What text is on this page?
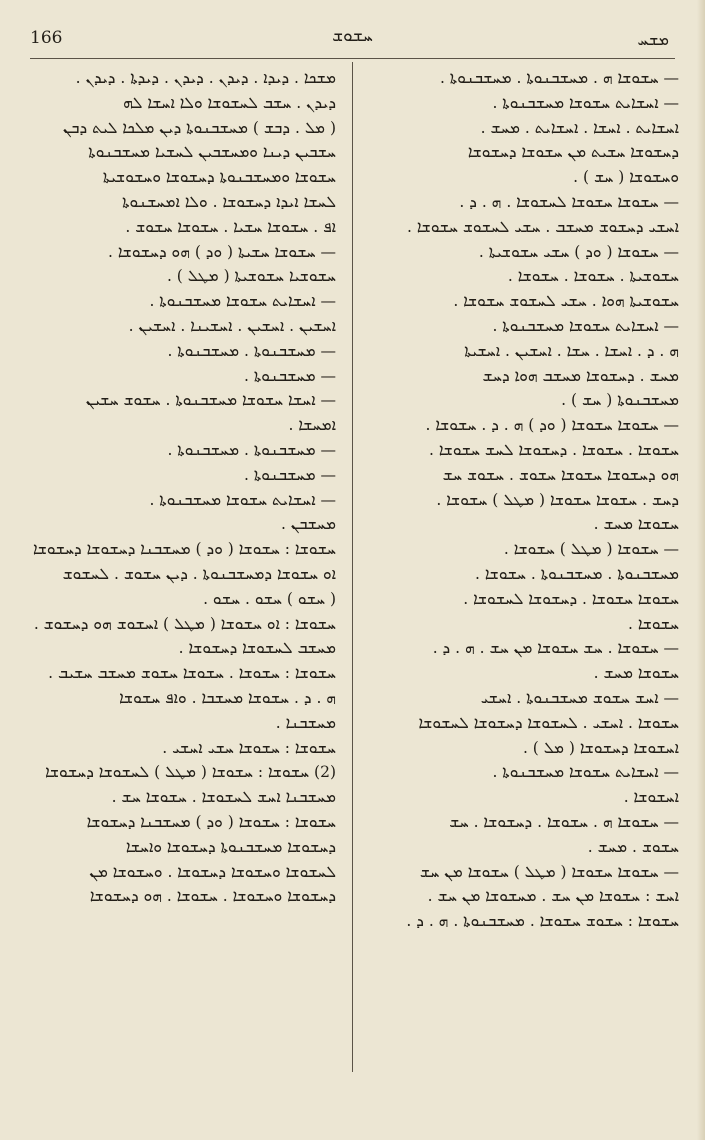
166	ܚܫܘܫ	ܡܫܚ
ܡܫܟܐ . ܕܝܕܐ . ܕܝܕܢ . ܕܝܕܢ . ܕܝܕܬܐ . ܕܝܕܢ .
ܕܝܕܢ . ܚܫܒ ܠܚܫܘܫܐ ܘܠܐ ܐܚܫܐ ܠܗ
( ܡܠ . ܕܒܫ ) ܡܚܫܒܢܘܬܐ ܕܝܢ ܡܠܟܐ ܠܝܬ ܕܒܢ
ܚܫܒܝܢ ܕܝܢܐ ܘܡܚܫܒܝܢ ܠܚܫܝܐ ܡܚܫܒܢܘܬܐ
ܚܫܘܫܐ ܘܡܚܫܒܢܘܬܐ ܕܚܫܘܫܐ ܘܚܫܘܫܝܬܐ
ܠܚܫܐ ܐܝܕܐ ܕܚܫܘܫܐ . ܘܠܐ ܐܡܚܫܢܘܬܐ
ܐܦ . ܚܫܘܫܐ ܚܫܝܐ . ܚܫܘܫܐ ܚܫܘܫ .
— ܚܫܘܫܐ ܚܫܝܬܐ ( ܘܕ ) ܗܘ ܕܚܫܘܫܐ .
ܚܫܘܫܝܐ ܚܫܘܫܝܬܐ ( ܡܛܠ ) .
— ܐܚܫܐܝܬ ܚܫܘܫܐ ܡܚܫܒܢܘܬܐ .
ܐܚܫܝܢ . ܐܚܫܝܢ . ܐܚܫܝܢܐ . ܐܚܫܝܢ .
— ܡܚܫܒܢܘܬܐ . ܡܚܫܒܢܘܬܐ .
— ܡܚܫܒܢܘܬܐ .
— ܐܚܫܐ ܚܫܘܫܐ ܡܚܫܒܢܘܬܐ . ܚܫܘܫ ܚܫܝܢ
ܐܡܚܫܐ .
— ܡܚܫܒܢܘܬܐ . ܡܚܫܒܢܘܬܐ .
— ܡܚܫܒܢܘܬܐ .
— ܐܚܫܐܝܬ ܚܫܘܫܐ ܡܚܫܒܢܘܬܐ .
ܡܚܫܒܢ .
ܚܫܘܫܐ : ܚܫܘܫܐ ( ܘܕ ) ܡܚܫܒܢܐ ܕܚܫܘܫܐ ܕܚܫܘܫܐ
ܐܘ ܚܫܘܫܐ ܕܡܚܫܒܢܘܬܐ . ܕܝܢ ܚܫܘܫ . ܠܚܫܘܫ
( ܚܫܘ ) ܚܫܘ . ܚܫܘ .
ܚܫܘܫܐ : ܐܘ ܚܫܘܫܐ ( ܡܛܠ ) ܐܚܫܘܫ ܗܘ ܕܚܫܘܫ .
ܡܚܫܒ ܠܚܫܘܫܐ ܕܚܫܘܫܐ .
ܚܫܘܫܐ : ܚܫܘܫܐ . ܚܫܘܫܐ ܚܫܘܫ ܡܚܫܒ ܚܫܝܒ .
ܗ . ܕ . ܚܫܘܫܐ ܡܚܫܒܐ . ܘܐܦ ܚܫܘܫܐ
ܡܚܫܒܢܐ .
ܚܫܘܫܐ : ܚܫܘܫܐ ܚܫܝ ܐܚܫܝ .
(2) ܚܫܘܫܐ : ܚܫܘܫܐ ( ܡܛܠ ) ܠܚܫܘܫܐ ܕܚܫܘܫܐ
ܡܚܫܒܢܐ ܐܚܫ ܠܚܫܘܫܐ . ܚܫܘܫܐ ܚܫ .
ܚܫܘܫܐ : ܚܫܘܫܐ ( ܘܕ ) ܡܚܫܒܢܐ ܕܚܫܘܫܐ
ܕܚܫܘܫܐ ܡܚܫܒܢܘܬܐ ܕܚܫܘܫܐ ܘܐܚܫܐ
ܠܚܫܘܫܐ ܘܚܫܘܫܐ ܕܚܫܘܫܐ . ܘܚܫܘܫܐ ܡܢ
ܕܚܫܘܫܐ ܘܚܫܘܫܐ . ܚܫܘܫܐ . ܗܘ ܕܚܫܘܫܐ
— ܚܫܘܫܐ ܗ . ܡܚܫܒܢܘܬܐ . ܡܚܫܒܢܘܬܐ .
— ܐܚܫܐܝܬ ܚܫܘܫܐ ܡܚܫܒܢܘܬܐ .
ܐܚܫܐܝܬ . ܐܚܫܐ . ܐܚܫܐܝܬ . ܡܚܫ .
ܕܚܫܘܫܐ ܚܫܝܬ ܡܢ ܚܫܘܫܐ ܕܚܫܘܫܐ
ܘܚܫܘܫܐ ( ܚܫ ) .
— ܚܫܘܫܐ ܚܫܘܫܐ ܠܚܫܘܫܐ . ܗ . ܕ .
ܐܚܫܝ ܕܚܫܘܫ ܡܚܫܒ . ܚܫܝ ܠܚܫܘܫ ܚܫܘܫܐ .
— ܚܫܘܫܐ ( ܘܕ ) ܚܫܝ ܚܫܘܫܝܬܐ .
ܚܫܘܫܝܬܐ . ܚܫܘܫܐ . ܚܫܘܫܐ .
ܚܫܘܫܝܬܐ ܗܘܐ . ܚܫܝ ܠܚܫܘܫ ܚܫܘܫܐ .
— ܐܚܫܐܝܬ ܚܫܘܫܐ ܡܚܫܒܢܘܬܐ .
ܗ . ܕ . ܐܚܫܐ . ܚܫܐ . ܐܚܫܝܢ . ܐܚܫܝܬܐ
ܡܚܫ . ܕܚܫܘܫܐ ܡܚܫܒ ܗܘܐ ܕܚܫ
ܡܚܫܒܢܘܬܐ ( ܚܫ ) .
— ܚܫܘܫܐ ܚܫܘܫܐ ( ܘܕ ) ܗ . ܕ . ܚܫܘܫܐ .
ܚܫܘܫܐ . ܚܫܘܫܐ . ܕܚܫܘܫܐ ܠܚܫ ܚܫܘܫܐ .
ܗܘ ܕܚܫܘܫܐ ܚܫܘܫܐ ܚܫܘܫ . ܚܫܘܫ ܚܫ
ܕܚܫ . ܚܫܘܫܐ ܚܫܘܫܐ ( ܡܛܠ ) ܚܫܘܫܐ .
ܚܫܘܫܐ ܡܚܫ .
— ܚܫܘܫܐ ( ܡܛܠ ) ܚܫܘܫܐ .
ܡܚܫܒܢܘܬܐ . ܡܚܫܒܢܘܬܐ . ܚܫܘܫܐ .
ܚܫܘܫܐ ܚܫܘܫܐ . ܕܚܫܘܫܐ ܠܚܫܘܫܐ .
ܚܫܘܫܐ .
— ܚܫܘܫܐ . ܚܫ ܚܫܘܫܐ ܡܢ ܚܫ . ܗ . ܕ .
ܚܫܘܫܐ ܡܚܫ .
— ܐܚܫ ܚܫܘܫ ܡܚܫܒܢܘܬܐ . ܐܚܫܝ
ܚܫܘܫܐ . ܐܚܫܝ . ܠܚܫܘܫܐ ܕܚܫܘܫܐ ܠܚܫܘܫܐ
ܐܚܫܘܫܐ ܕܚܫܘܫܐ ( ܡܠ ) .
— ܐܚܫܐܝܬ ܚܫܘܫܐ ܡܚܫܒܢܘܬܐ .
ܐܚܫܘܫܐ .
— ܚܫܘܫܐ ܗ . ܚܫܘܫܐ . ܕܚܫܘܫܐ . ܚܫ
ܚܫܘܫ . ܡܚܫ .
— ܚܫܘܫܐ ܚܫܘܫܐ ( ܡܛܠ ) ܚܫܘܫܐ ܡܢ ܚܫ
ܐܚܫ : ܚܫܘܫܐ ܡܢ ܚܫ . ܡܚܫܘܫܐ ܡܢ ܚܫ .
ܚܫܘܫܐ : ܚܫܘܫ ܚܫܘܫܐ . ܡܚܫܒܢܘܬܐ . ܗ . ܕ .
